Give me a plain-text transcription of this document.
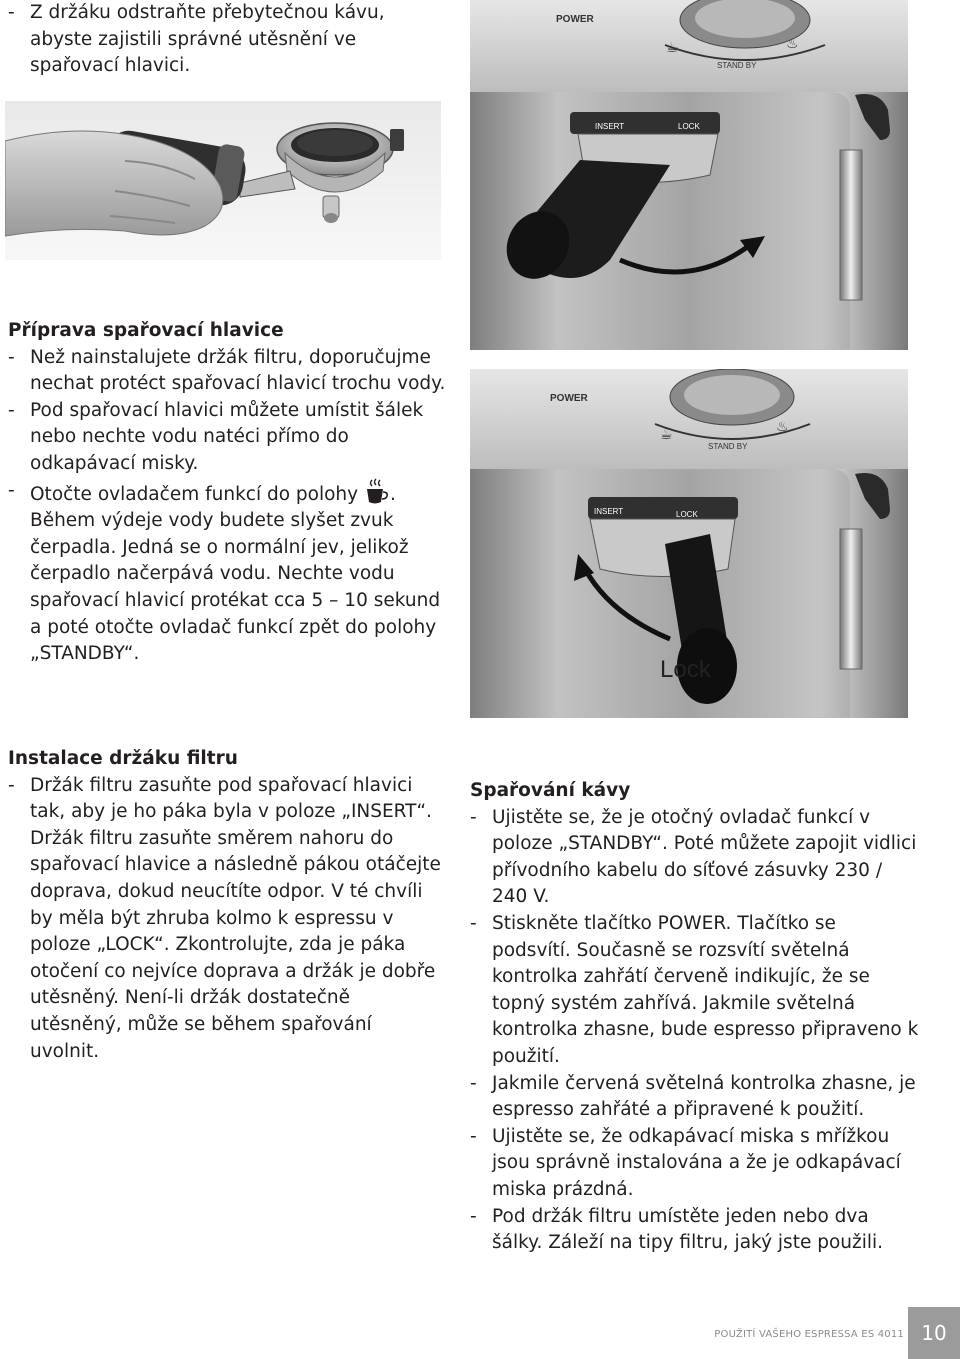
- Z držáku odstraňte přebytečnou kávu, abyste zajistili správné utěsnění ve spařovací hlavici.

POWER
STAND BY
☕	♨
INSERT	LOCK
POWER
STAND BY
☕	♨
INSERT	LOCK
Lock

Příprava spařovací hlavice

- Než nainstalujete držák filtru, doporučujme nechat protéct spařovací hlavicí trochu vody.

- Pod spařovací hlavici můžete umístit šálek nebo nechte vodu natéci přímo do odkapávací misky.

- Otočte ovladačem funkcí do polohy . Během výdeje vody budete slyšet zvuk čerpadla. Jedná se o normální jev, jelikož čerpadlo načerpává vodu. Nechte vodu spařovací hlavicí protékat cca 5 – 10 sekund a poté otočte ovladač funkcí zpět do polohy „STANDBY“.

Instalace držáku filtru

- Držák filtru zasuňte pod spařovací hlavici tak, aby je ho páka byla v poloze „INSERT“. Držák filtru zasuňte směrem nahoru do spařovací hlavice a následně pákou otáčejte doprava, dokud neucítíte odpor. V té chvíli by měla být zhruba kolmo k espressu v poloze „LOCK“. Zkontrolujte, zda je páka otočení co nejvíce doprava a držák je dobře utěsněný. Není-li držák dostatečně utěsněný, může se během spařování uvolnit.

Spařování kávy

- Ujistěte se, že je otočný ovladač funkcí v poloze „STANDBY“. Poté můžete zapojit vidlici přívodního kabelu do síťové zásuvky 230 / 240 V.

- Stiskněte tlačítko POWER. Tlačítko se podsvítí. Současně se rozsvítí světelná kontrolka zahřátí červeně indikujíc, že se topný systém zahřívá. Jakmile světelná kontrolka zhasne, bude espresso připraveno k použití.

- Jakmile červená světelná kontrolka zhasne, je espresso zahřáté a připravené k použití.

- Ujistěte se, že odkapávací miska s mřížkou jsou správně instalována a že je odkapávací miska prázdná.

- Pod držák filtru umístěte jeden nebo dva šálky. Záleží na tipy filtru, jaký jste použili.

POUŽITÍ VAŠEHO ESPRESSA ES 4011 10
